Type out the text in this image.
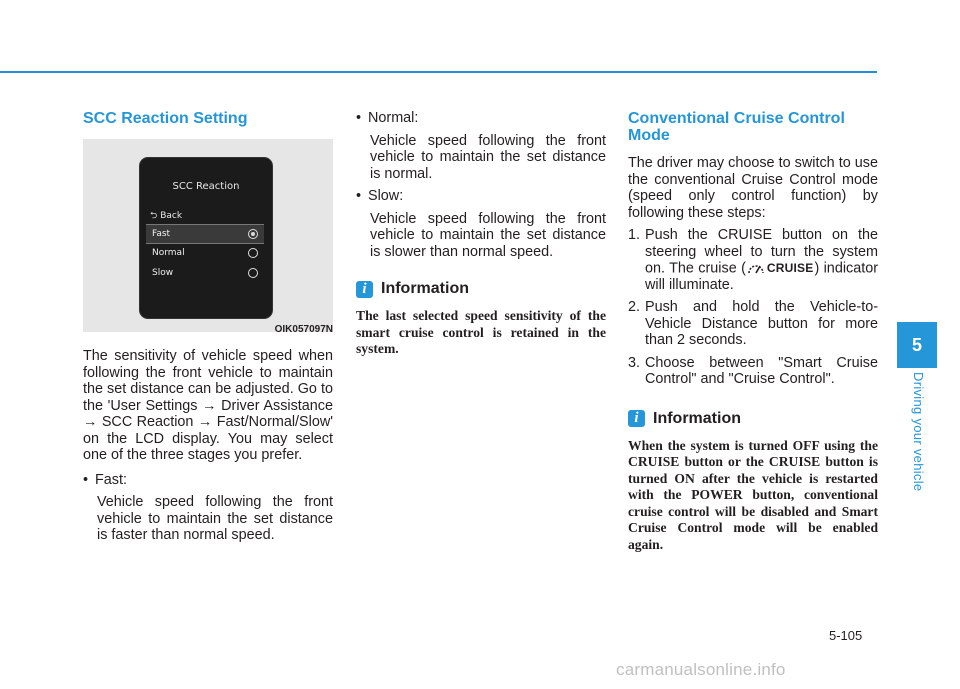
SCC Reaction Setting
SCC Reaction
⮌ Back
Fast
Normal
Slow
OIK057097N

The sensitivity of vehicle speed when following the front vehicle to maintain the set distance can be adjusted. Go to the 'User Settings → Driver Assistance → SCC Reaction → Fast/Normal/Slow' on the LCD display. You may select one of the three stages you prefer.

• Fast:

Vehicle speed following the front vehicle to maintain the set distance is faster than normal speed.

• Normal:

Vehicle speed following the front vehicle to maintain the set distance is normal.

• Slow:

Vehicle speed following the front vehicle to maintain the set distance is slower than normal speed.

i Information

The last selected speed sensitivity of the smart cruise control is retained in the system.

Conventional Cruise Control
Mode

The driver may choose to switch to use the conventional Cruise Control mode (speed only control function) by following these steps:

1. Push the CRUISE button on the steering wheel to turn the system on. The cruise ( CRUISE ) indicator will illuminate.
2. Push and hold the Vehicle-to-Vehicle Distance button for more than 2 seconds.
3. Choose between "Smart Cruise Control" and "Cruise Control".
i Information

When the system is turned OFF using the CRUISE button or the CRUISE button is turned ON after the vehicle is restarted with the POWER button, conventional cruise control will be disabled and Smart Cruise Control mode will be enabled again.

5
Driving your vehicle
5-105
carmanualsonline.info
